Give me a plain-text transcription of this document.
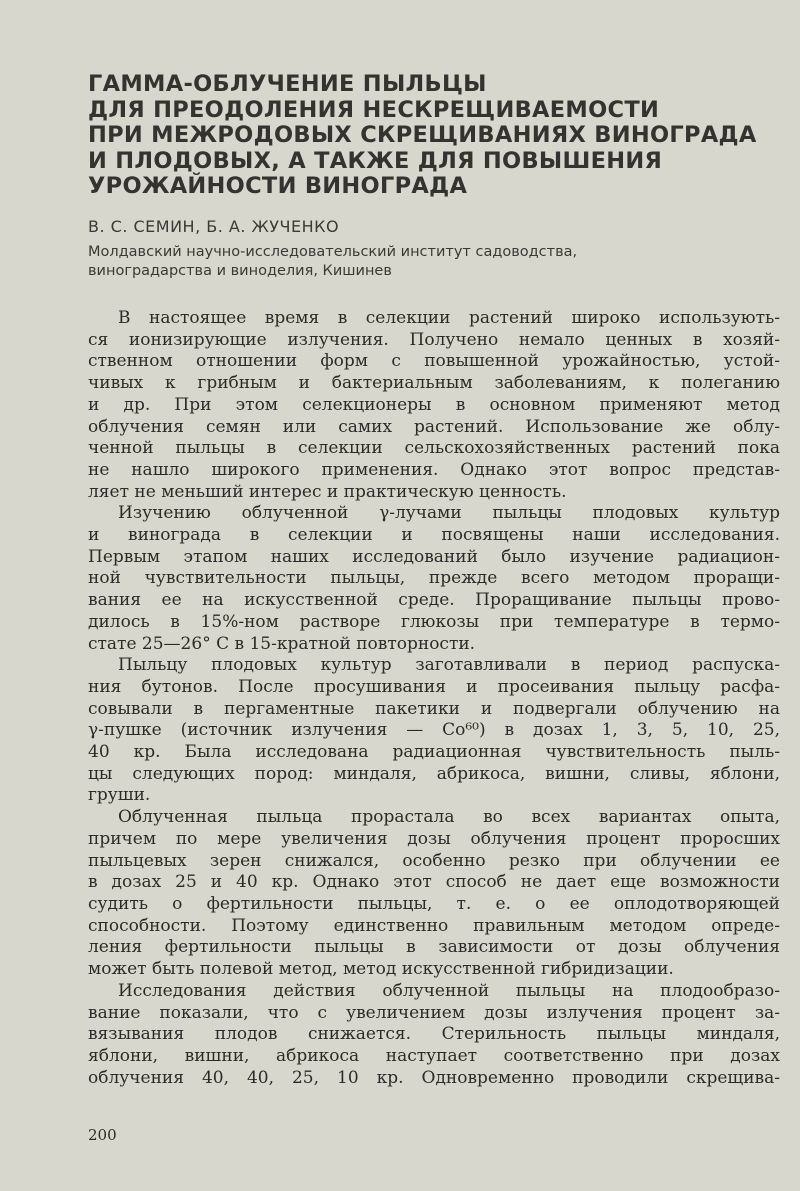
ГАММА-ОБЛУЧЕНИЕ ПЫЛЬЦЫ
ДЛЯ ПРЕОДОЛЕНИЯ НЕСКРЕЩИВАЕМОСТИ
ПРИ МЕЖРОДОВЫХ СКРЕЩИВАНИЯХ ВИНОГРАДА
И ПЛОДОВЫХ, А ТАКЖЕ ДЛЯ ПОВЫШЕНИЯ
УРОЖАЙНОСТИ ВИНОГРАДА
В. С. СЕМИН, Б. А. ЖУЧЕНКО
Молдавский научно-исследовательский институт садоводства,
виноградарства и виноделия, Кишинев
В настоящее время в селекции растений широко использують-
ся ионизирующие излучения. Получено немало ценных в хозяй-
ственном отношении форм с повышенной урожайностью, устой-
чивых к грибным и бактериальным заболеваниям, к полеганию
и др. При этом селекционеры в основном применяют метод
облучения семян или самих растений. Использование же облу-
ченной пыльцы в селекции сельскохозяйственных растений пока
не нашло широкого применения. Однако этот вопрос представ-
ляет не меньший интерес и практическую ценность.
Изучению облученной γ-лучами пыльцы плодовых культур
и винограда в селекции и посвящены наши исследования.
Первым этапом наших исследований было изучение радиацион-
ной чувствительности пыльцы, прежде всего методом проращи-
вания ее на искусственной среде. Проращивание пыльцы прово-
дилось в 15%-ном растворе глюкозы при температуре в термо-
стате 25—26° С в 15-кратной повторности.
Пыльцу плодовых культур заготавливали в период распуска-
ния бутонов. После просушивания и просеивания пыльцу расфа-
совывали в пергаментные пакетики и подвергали облучению на
γ-пушке (источник излучения — Co⁶⁰) в дозах 1, 3, 5, 10, 25,
40 кр. Была исследована радиационная чувствительность пыль-
цы следующих пород: миндаля, абрикоса, вишни, сливы, яблони,
груши.
Облученная пыльца прорастала во всех вариантах опыта,
причем по мере увеличения дозы облучения процент проросших
пыльцевых зерен снижался, особенно резко при облучении ее
в дозах 25 и 40 кр. Однако этот способ не дает еще возможности
судить о фертильности пыльцы, т. е. о ее оплодотворяющей
способности. Поэтому единственно правильным методом опреде-
ления фертильности пыльцы в зависимости от дозы облучения
может быть полевой метод, метод искусственной гибридизации.
Исследования действия облученной пыльцы на плодообразо-
вание показали, что с увеличением дозы излучения процент за-
вязывания плодов снижается. Стерильность пыльцы миндаля,
яблони, вишни, абрикоса наступает соответственно при дозах
облучения 40, 40, 25, 10 кр. Одновременно проводили скрещива-
200
